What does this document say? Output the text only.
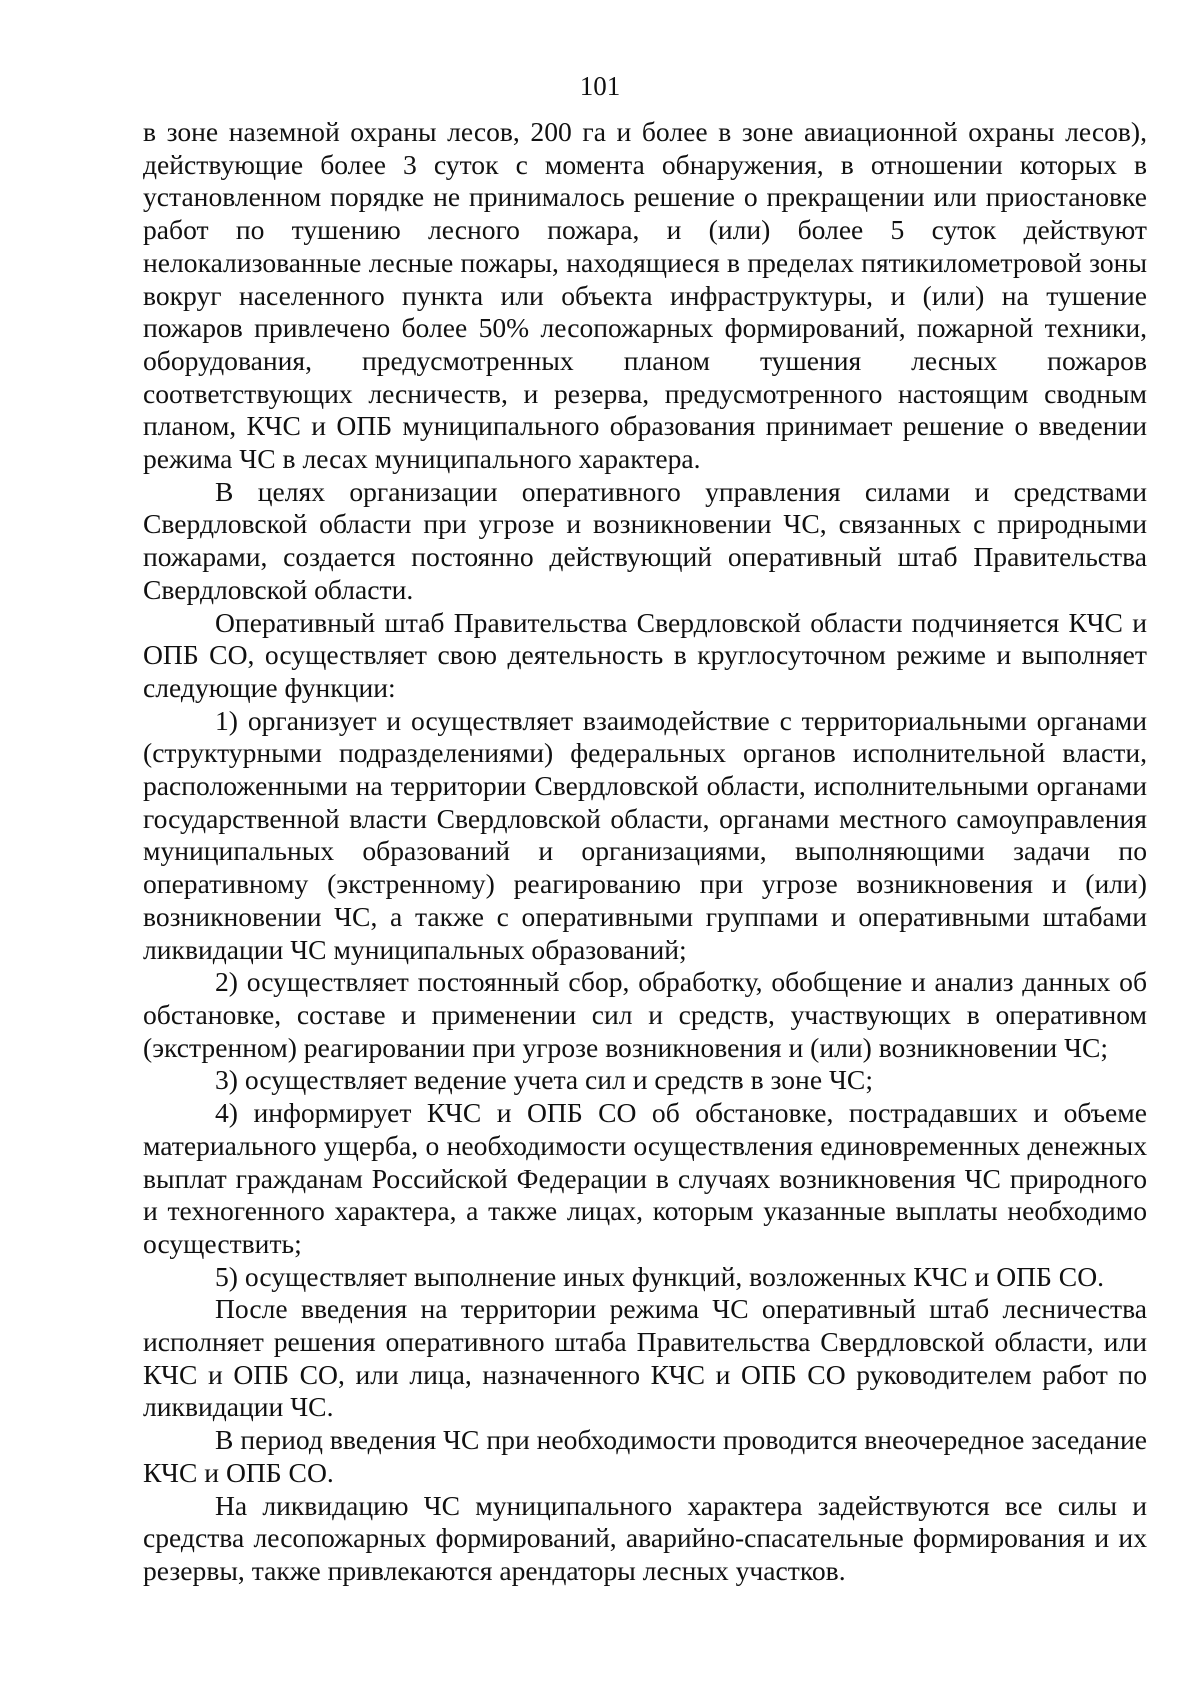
101

в зоне наземной охраны лесов, 200 га и более в зоне авиационной охраны лесов), действующие более 3 суток с момента обнаружения, в отношении которых в установленном порядке не принималось решение о прекращении или приостановке работ по тушению лесного пожара, и (или) более 5 суток действуют нелокализованные лесные пожары, находящиеся в пределах пятикилометровой зоны вокруг населенного пункта или объекта инфраструктуры, и (или) на тушение пожаров привлечено более 50% лесопожарных формирований, пожарной техники, оборудования, предусмотренных планом тушения лесных пожаров соответствующих лесничеств, и резерва, предусмотренного настоящим сводным планом, КЧС и ОПБ муниципального образования принимает решение о введении режима ЧС в лесах муниципального характера.

В целях организации оперативного управления силами и средствами Свердловской области при угрозе и возникновении ЧС, связанных с природными пожарами, создается постоянно действующий оперативный штаб Правительства Свердловской области.

Оперативный штаб Правительства Свердловской области подчиняется КЧС и ОПБ СО, осуществляет свою деятельность в круглосуточном режиме и выполняет следующие функции:

1) организует и осуществляет взаимодействие с территориальными органами (структурными подразделениями) федеральных органов исполнительной власти, расположенными на территории Свердловской области, исполнительными органами государственной власти Свердловской области, органами местного самоуправления муниципальных образований и организациями, выполняющими задачи по оперативному (экстренному) реагированию при угрозе возникновения и (или) возникновении ЧС, а также с оперативными группами и оперативными штабами ликвидации ЧС муниципальных образований;

2) осуществляет постоянный сбор, обработку, обобщение и анализ данных об обстановке, составе и применении сил и средств, участвующих в оперативном (экстренном) реагировании при угрозе возникновения и (или) возникновении ЧС;

3) осуществляет ведение учета сил и средств в зоне ЧС;

4) информирует КЧС и ОПБ СО об обстановке, пострадавших и объеме материального ущерба, о необходимости осуществления единовременных денежных выплат гражданам Российской Федерации в случаях возникновения ЧС природного и техногенного характера, а также лицах, которым указанные выплаты необходимо осуществить;

5) осуществляет выполнение иных функций, возложенных КЧС и ОПБ СО.

После введения на территории режима ЧС оперативный штаб лесничества исполняет решения оперативного штаба Правительства Свердловской области, или КЧС и ОПБ СО, или лица, назначенного КЧС и ОПБ СО руководителем работ по ликвидации ЧС.

В период введения ЧС при необходимости проводится внеочередное заседание КЧС и ОПБ СО.

На ликвидацию ЧС муниципального характера задействуются все силы и средства лесопожарных формирований, аварийно-спасательные формирования и их резервы, также привлекаются арендаторы лесных участков.
